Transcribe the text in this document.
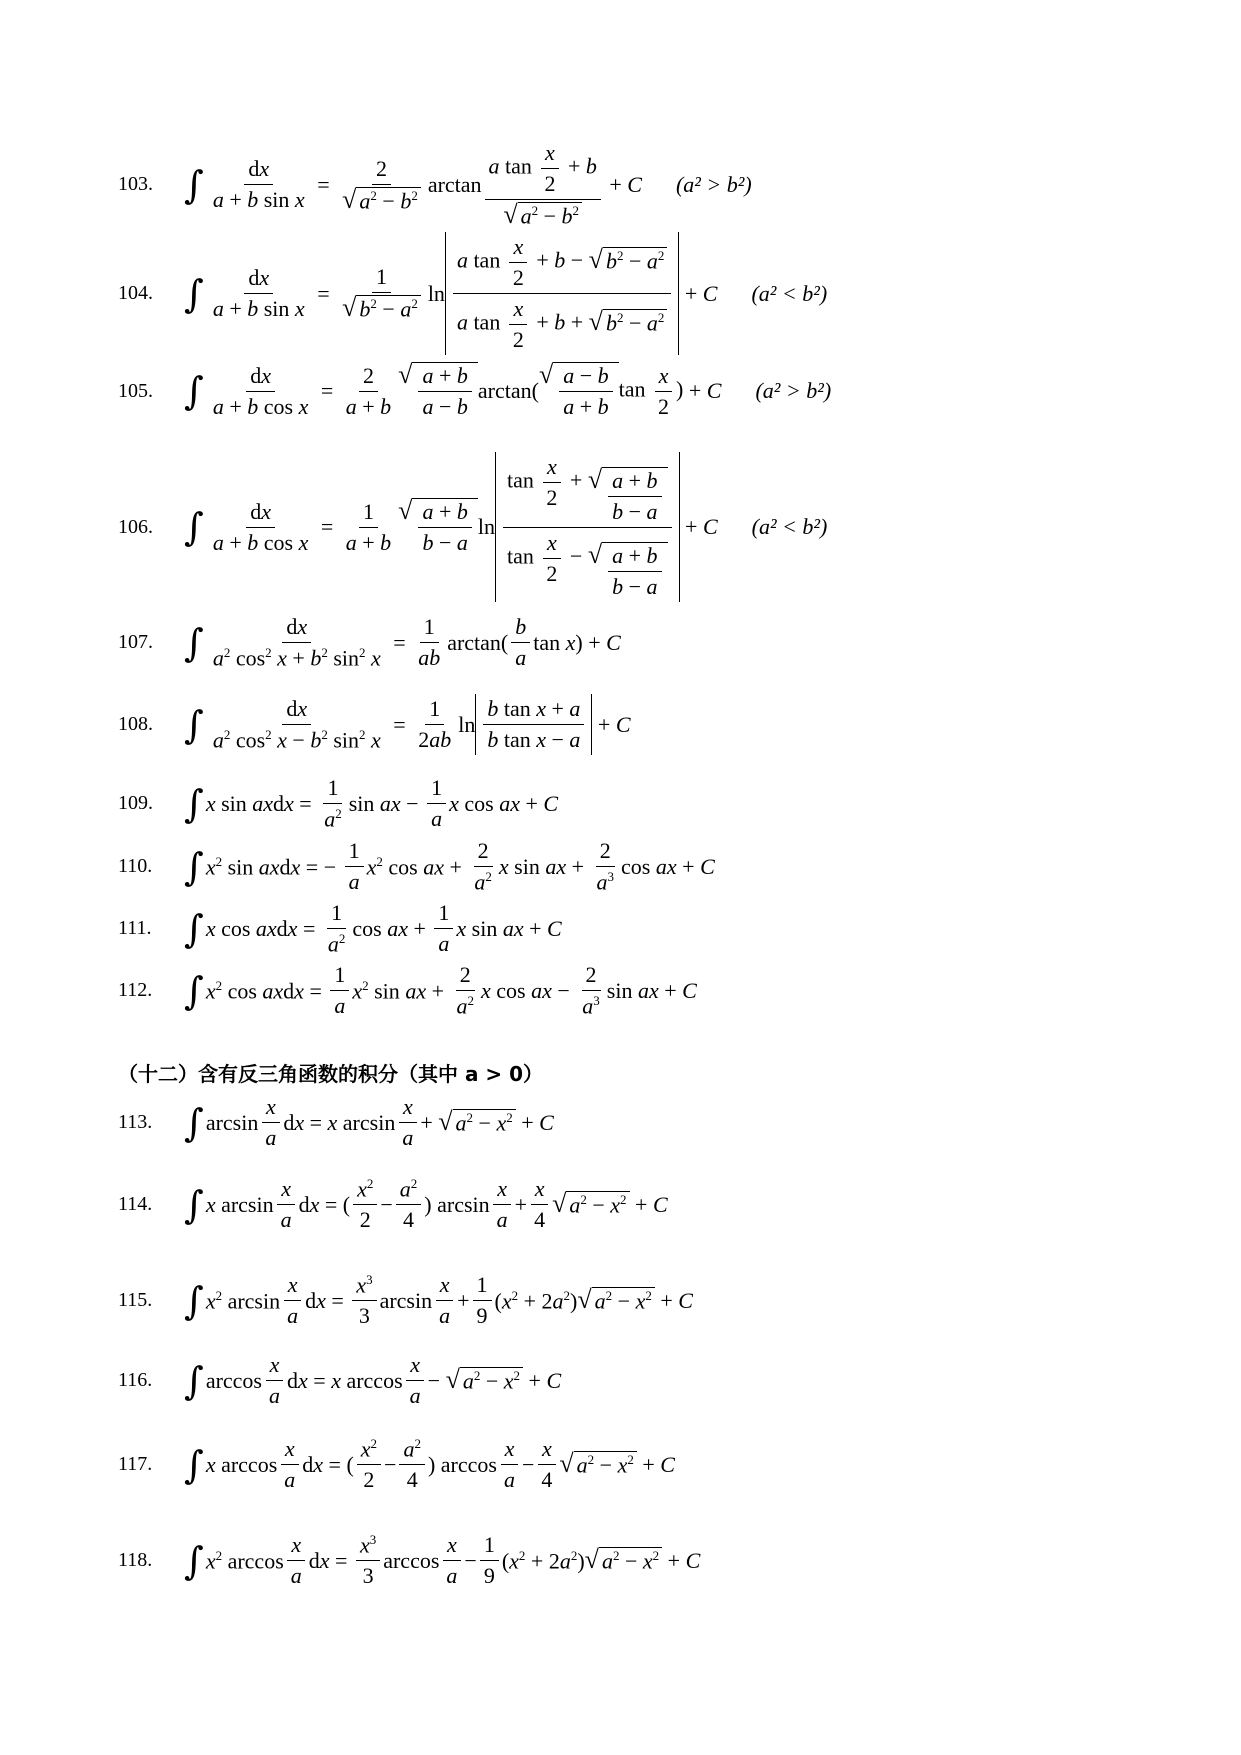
103. ∫ $\frac{dx}{\text{a + b sin x}} = \frac{2}{√ a^2 - b^2}$ $\arctan \frac{a \tan \frac{x}{2} + b}{√ a^2 - b^2} + C$ (a² > b²)
104. ∫ $\frac{dx}{\text{a + b sin x}} = \frac{1}{√ b^2 - a^2}$ $\ln \frac{a \tan \frac{x}{2} + b - √ b^2 - a^2}{a \tan \frac{x}{2} + b + √ b^2 - a^2} + C$ (a² < b²)
105. ∫ $\frac{dx}{\text{a + b cos x}} = \frac{2}{a + b}$ √ $\frac{a + b}{a - b} \arctan$(
√ $\frac{a - b}{a + b}$ $\tan \frac{x}{2}$ ) + C (a² > b²)
106. ∫ $\frac{dx}{\text{a + b cos x}} = \frac{1}{a + b}$ √ $\frac{a + b}{b - a}$ $\ln \frac{\tan \frac{x}{2} + √ \frac{a + b}{b - a}}{\tan \frac{x}{2} - √ \frac{a + b}{b - a}} + C$ (a² < b²)
107. ∫ $\frac{dx}{a^2 \cos^2 x + b^2 \sin^2 x} = \frac{1}{ab} \arctan( \frac{b}{a}$ tan x) + C
108. ∫ $\frac{dx}{a^2 \cos^2 x - b^2 \sin^2 x} = \frac{1}{2ab}$ $\ln \frac{\text{b tan x + a}}{\text{b tan x − a}} + C$
109. ∫ x sin axdx = $\frac{1}{a^2}$ sin ax − $\frac{1}{a}$ x cos ax + C
110. ∫ $x^2$ sin axdx = − $\frac{1}{a} x^2$ cos ax + $\frac{2}{a^2}$ x sin ax + $\frac{2}{a^3}$ cos ax + C
111. ∫ x cos axdx = $\frac{1}{a^2}$ cos ax + $\frac{1}{a}$ x sin ax + C
112. ∫ $x^2$ cos axdx = $\frac{1}{a} x^2$ sin ax + $\frac{2}{a^2}$ x cos ax − $\frac{2}{a^3}$ sin ax + C
（十二）含有反三角函数的积分（其中 a > 0）
113. ∫ $\arcsin \frac{x}{a}$ dx = x $\arcsin \frac{x}{a}$ + √ $a^2 - x^2 + C$
114. ∫ x $\arcsin \frac{x}{a}$ dx = ( $\frac{x^2}{2} - \frac{a^2}{4}$ ) $\arcsin \frac{x}{a} + \frac{x}{4}$ √ $a^2 - x^2 + C$
115. ∫ $x^2$ $\arcsin \frac{x}{a}$ dx = $\frac{x^3}{3}$ $\arcsin \frac{x}{a} + \frac{1}{9} (x^2 + 2a^2)$ √ $a^2 - x^2 + C$
116. ∫ $\arccos \frac{x}{a}$ dx = x $\arccos \frac{x}{a}$ − √ $a^2 - x^2 + C$
117. ∫ x $\arccos \frac{x}{a}$ dx = ( $\frac{x^2}{2} - \frac{a^2}{4}$ ) $\arccos \frac{x}{a} - \frac{x}{4}$ √ $a^2 - x^2 + C$
118. ∫ $x^2$ $\arccos \frac{x}{a}$ dx = $\frac{x^3}{3}$ $\arccos \frac{x}{a} - \frac{1}{9} (x^2 + 2a^2)$ √ $a^2 - x^2 + C$
